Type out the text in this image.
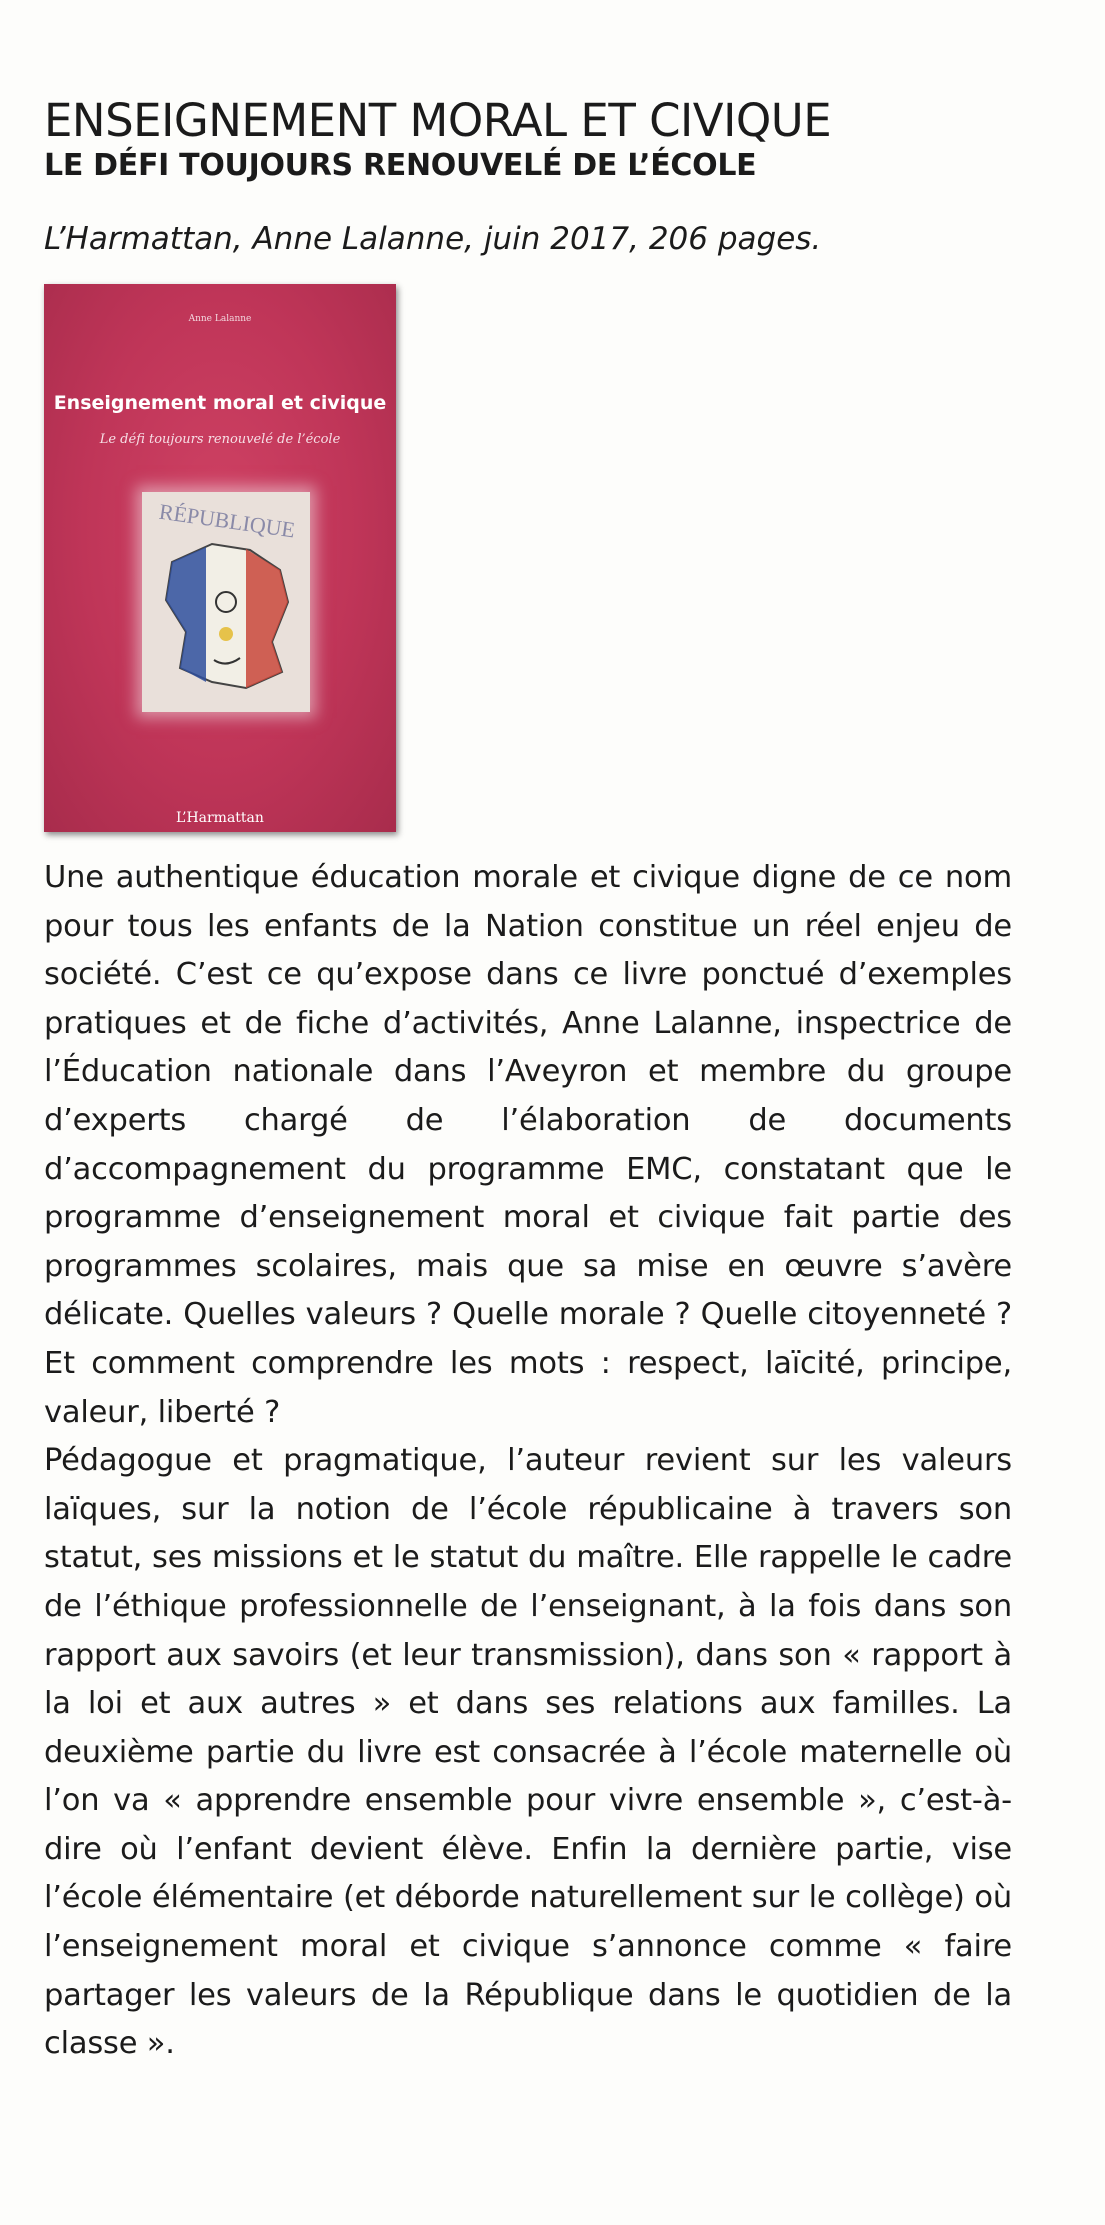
ENSEIGNEMENT MORAL ET CIVIQUE
LE DÉFI TOUJOURS RENOUVELÉ DE L’ÉCOLE

L’Harmattan, Anne Lalanne, juin 2017, 206 pages.

Anne Lalanne
Enseignement moral et civique
Le défi toujours renouvelé de l’école
RÉPUBLIQUE
L’Harmattan

Une authentique éducation morale et civique digne de ce nom pour tous les enfants de la Nation constitue un réel enjeu de société. C’est ce qu’expose dans ce livre ponctué d’exemples pratiques et de fiche d’activités, Anne Lalanne, inspectrice de l’Éducation nationale dans l’Aveyron et membre du groupe d’experts chargé de l’élaboration de documents d’accompagnement du programme EMC, constatant que le programme d’enseignement moral et civique fait partie des programmes scolaires, mais que sa mise en œuvre s’avère délicate. Quelles valeurs ? Quelle morale ? Quelle citoyenneté ? Et comment comprendre les mots : respect, laïcité, principe, valeur, liberté ?

Pédagogue et pragmatique, l’auteur revient sur les valeurs laïques, sur la notion de l’école républicaine à travers son statut, ses missions et le statut du maître. Elle rappelle le cadre de l’éthique professionnelle de l’enseignant, à la fois dans son rapport aux savoirs (et leur transmission), dans son « rapport à la loi et aux autres » et dans ses relations aux familles. La deuxième partie du livre est consacrée à l’école maternelle où l’on va « apprendre ensemble pour vivre ensemble », c’est-à-dire où l’enfant devient élève. Enfin la dernière partie, vise l’école élémentaire (et déborde naturellement sur le collège) où l’enseignement moral et civique s’annonce comme « faire partager les valeurs de la République dans le quotidien de la classe ».
